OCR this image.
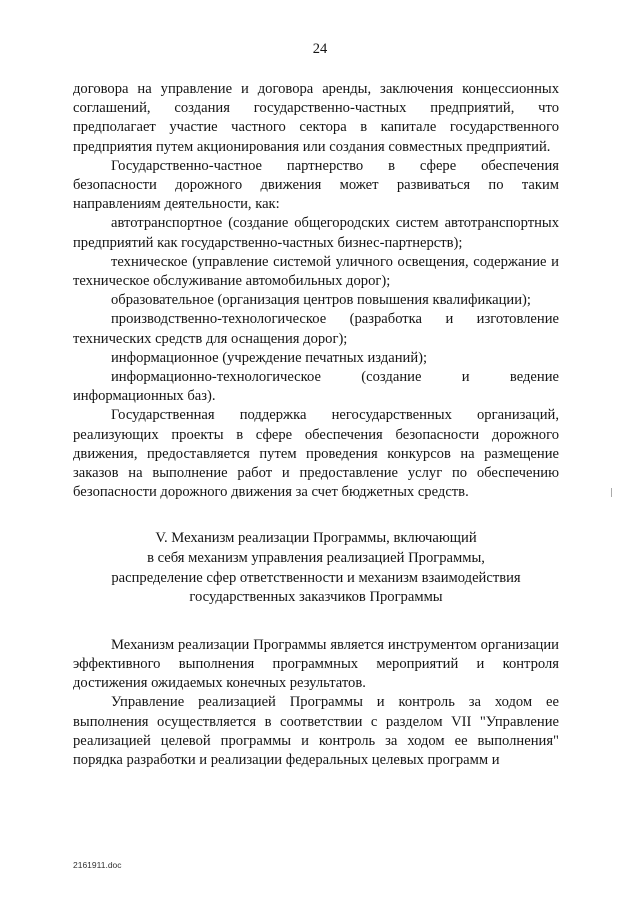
24

договора на управление и договора аренды, заключения концессионных соглашений, создания государственно-частных предприятий, что предполагает участие частного сектора в капитале государственного предприятия путем акционирования или создания совместных предприятий.

Государственно-частное партнерство в сфере обеспечения безопасности дорожного движения может развиваться по таким направлениям деятельности, как:

автотранспортное (создание общегородских систем автотранспортных предприятий как государственно-частных бизнес-партнерств);

техническое (управление системой уличного освещения, содержание и техническое обслуживание автомобильных дорог);

образовательное (организация центров повышения квалификации);

производственно-технологическое (разработка и изготовление технических средств для оснащения дорог);

информационное (учреждение печатных изданий);

информационно-технологическое (создание и ведение информационных баз).

Государственная поддержка негосударственных организаций, реализующих проекты в сфере обеспечения безопасности дорожного движения, предоставляется путем проведения конкурсов на размещение заказов на выполнение работ и предоставление услуг по обеспечению безопасности дорожного движения за счет бюджетных средств.

V. Механизм реализации Программы, включающий
в себя механизм управления реализацией Программы,
распределение сфер ответственности и механизм взаимодействия
государственных заказчиков Программы

Механизм реализации Программы является инструментом организации эффективного выполнения программных мероприятий и контроля достижения ожидаемых конечных результатов.

Управление реализацией Программы и контроль за ходом ее выполнения осуществляется в соответствии с разделом VII "Управление реализацией целевой программы и контроль за ходом ее выполнения" порядка разработки и реализации федеральных целевых программ и

2161911.doc
